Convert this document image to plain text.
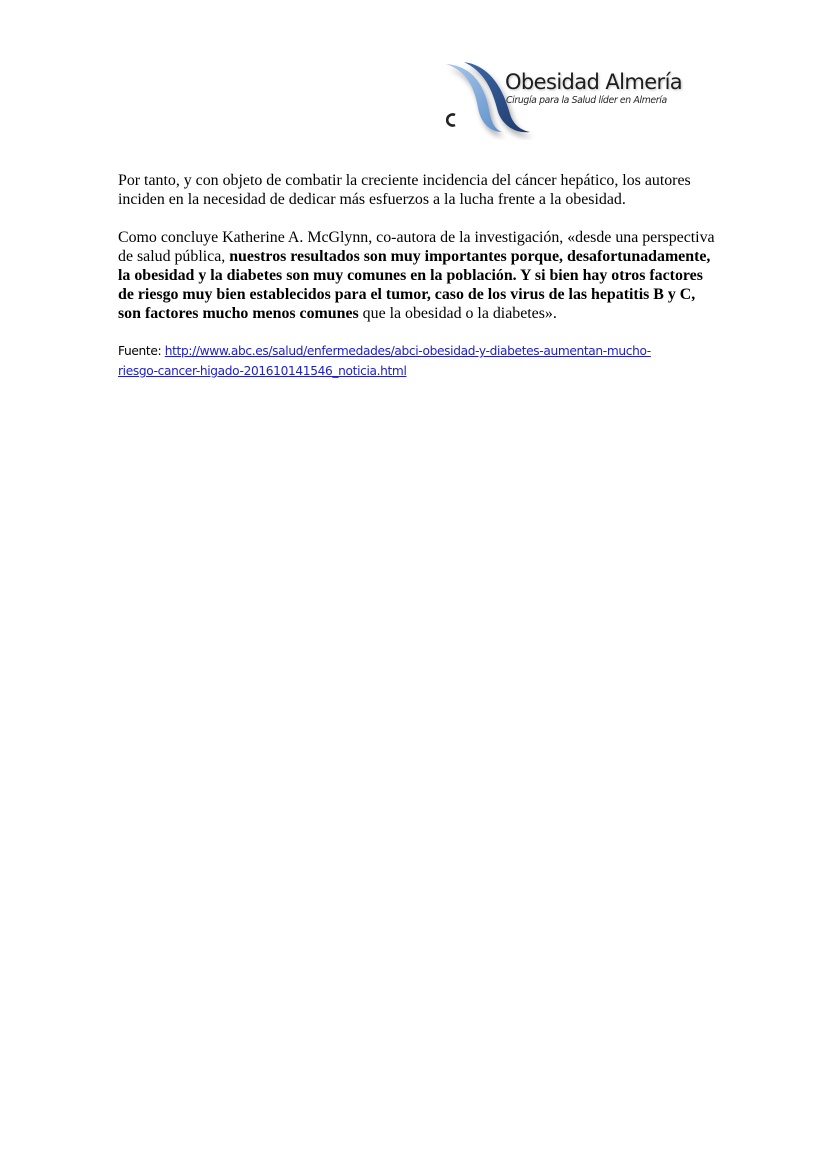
Obesidad Almería
Cirugía para la Salud líder en Almería

Por tanto, y con objeto de combatir la creciente incidencia del cáncer hepático, los autores inciden en la necesidad de dedicar más esfuerzos a la lucha frente a la obesidad.

Como concluye Katherine A. McGlynn, co-autora de la investigación, «desde una perspectiva de salud pública, nuestros resultados son muy importantes porque, desafortunadamente, la obesidad y la diabetes son muy comunes en la población. Y si bien hay otros factores de riesgo muy bien establecidos para el tumor, caso de los virus de las hepatitis B y C, son factores mucho menos comunes que la obesidad o la diabetes».

Fuente: http://www.abc.es/salud/enfermedades/abci-obesidad-y-diabetes-aumentan-mucho-
riesgo-cancer-higado-201610141546_noticia.html
